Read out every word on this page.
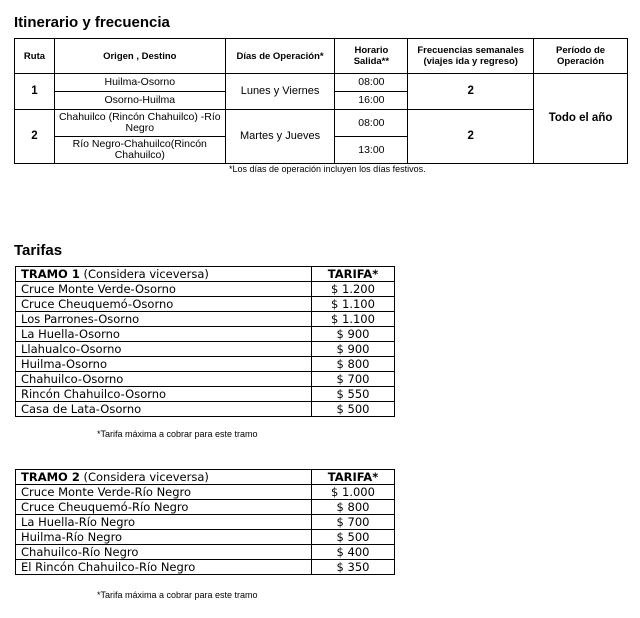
Itinerario y frecuencia
Ruta	Origen , Destino	Días de Operación*	Horario Salida**	Frecuencias semanales (viajes ida y regreso)	Período de Operación
1	Huilma-Osorno	Lunes y Viernes	08:00	2	Todo el año
	Osorno-Huilma		16:00		
2	Chahuilco (Rincón Chahuilco) -Río Negro	Martes y Jueves	08:00	2	
	Río Negro-Chahuilco(Rincón Chahuilco)		13:00		
*Los días de operación incluyen los días festivos.
Tarifas
TRAMO 1 (Considera viceversa)	TARIFA*
Cruce Monte Verde-Osorno	$ 1.200
Cruce Cheuquemó-Osorno	$ 1.100
Los Parrones-Osorno	$ 1.100
La Huella-Osorno	$ 900
Llahualco-Osorno	$ 900
Huilma-Osorno	$ 800
Chahuilco-Osorno	$ 700
Rincón Chahuilco-Osorno	$ 550
Casa de Lata-Osorno	$ 500
*Tarifa máxima a cobrar para este tramo
TRAMO 2 (Considera viceversa)	TARIFA*
Cruce Monte Verde-Río Negro	$ 1.000
Cruce Cheuquemó-Río Negro	$ 800
La Huella-Río Negro	$ 700
Huilma-Río Negro	$ 500
Chahuilco-Río Negro	$ 400
El Rincón Chahuilco-Río Negro	$ 350
*Tarifa máxima a cobrar para este tramo
